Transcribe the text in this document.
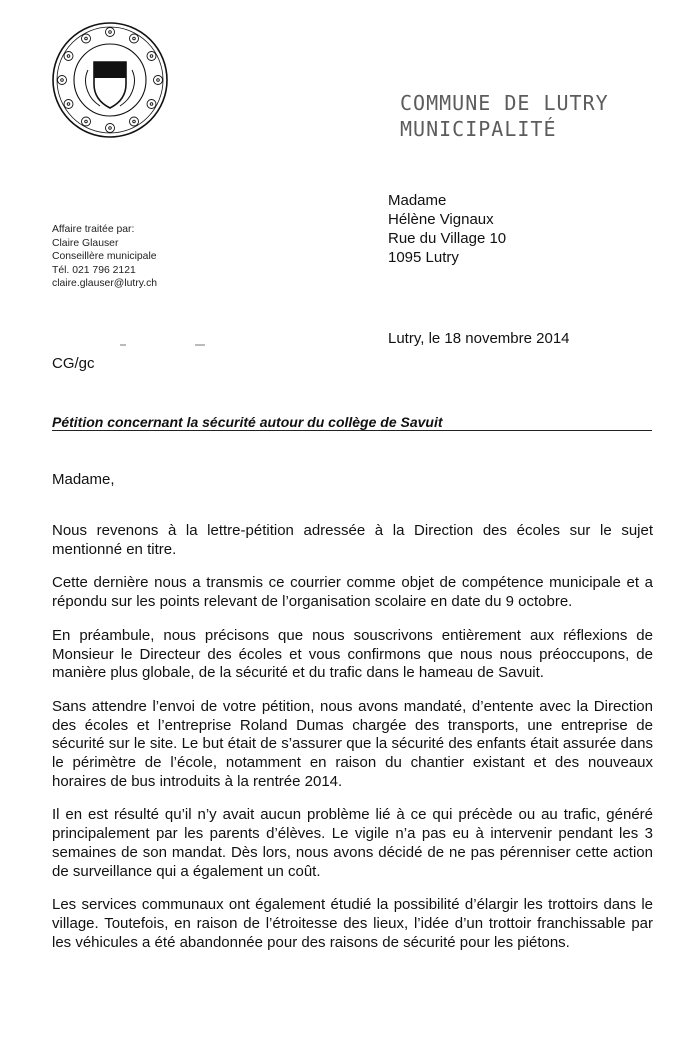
COMMUNE DE LUTRY
MUNICIPALITÉ
Madame
Hélène Vignaux
Rue du Village 10
1095 Lutry
Affaire traitée par:
Claire Glauser
Conseillère municipale
Tél. 021 796 2121
claire.glauser@lutry.ch
Lutry, le 18 novembre 2014
CG/gc
Pétition concernant la sécurité autour du collège de Savuit
Madame,

Nous revenons à la lettre-pétition adressée à la Direction des écoles sur le sujet mentionné en titre.

Cette dernière nous a transmis ce courrier comme objet de compétence municipale et a répondu sur les points relevant de l’organisation scolaire en date du 9 octobre.

En préambule, nous précisons que nous souscrivons entièrement aux réflexions de Monsieur le Directeur des écoles et vous confirmons que nous nous préoccupons, de manière plus globale, de la sécurité et du trafic dans le hameau de Savuit.

Sans attendre l’envoi de votre pétition, nous avons mandaté, d’entente avec la Direction des écoles et l’entreprise Roland Dumas chargée des transports, une entreprise de sécurité sur le site. Le but était de s’assurer que la sécurité des enfants était assurée dans le périmètre de l’école, notamment en raison du chantier existant et des nouveaux horaires de bus introduits à la rentrée 2014.

Il en est résulté qu’il n’y avait aucun problème lié à ce qui précède ou au trafic, généré principalement par les parents d’élèves. Le vigile n’a pas eu à intervenir pendant les 3 semaines de son mandat. Dès lors, nous avons décidé de ne pas pérenniser cette action de surveillance qui a également un coût.

Les services communaux ont également étudié la possibilité d’élargir les trottoirs dans le village. Toutefois, en raison de l’étroitesse des lieux, l’idée d’un trottoir franchissable par les véhicules a été abandonnée pour des raisons de sécurité pour les piétons.
